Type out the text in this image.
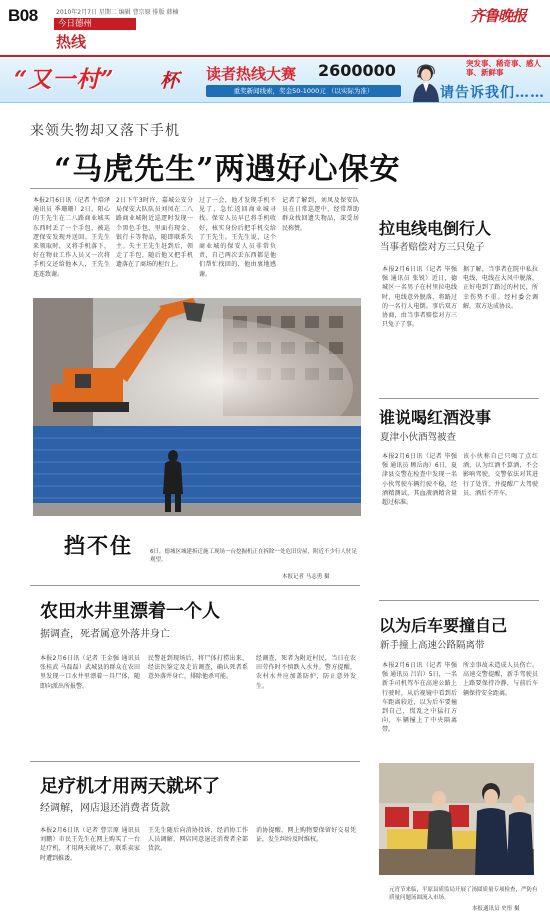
B08	2010年2月7日 星期二 编辑 曹宗原 排版 韩楠
今日德州
热线
齐鲁晚报
“又一村” 杯 读者热线大赛 2600000
重奖新闻线索，奖金50-1000元 （以实际为准）
突发事、稀奇事、感人事、新鲜事
请告诉我们……
来领失物却又落下手机
“马虎先生”两遇好心保安
本报2月6日讯（记者 牛培泽 通讯员 季珊珊）2日，阳心的王先生在二八路商业城买东西时丢了一个手包，被巡逻保安发现并送回。王先生来领取时，又将手机落下，好在物业工作人员又一次将手机交还给他本人，王先生连连致谢。
2日下午3时许，嘉城公安分局保安大队队员刘凤在二八路商业城附近巡逻时发现一个黑色手包，里面有现金、银行卡等物品，随即联系失主。失主王先生赶到后，领走了手包，随后他又把手机遗落在了商场的柜台上。
过了一会，他才发现手机不见了，急忙返回商业城寻找。保安人员早已将手机收好，核实身份后把手机交给了王先生。王先生说，这个商业城的保安人员非常负责，自己两次丢东西都是他们帮忙找回的，他由衷地感谢。
记者了解到，刘凤及保安队员在日常巡逻中，经常帮助群众找回遗失物品，深受居民称赞。
挡不住	6日，德城区城建拆迁施工现场一台挖掘机正在拆除一处危旧房屋，附近不少行人驻足观望。
本报记者 马志勇 摄
拉电线电倒行人
当事者赔偿对方三只兔子
本报2月6日讯（记者 毕强强 通讯员 张锐）近日，德城区一名男子在村里拉电线时，电线意外脱落，将路过的一名行人电倒。事后双方协商，由当事者赔偿对方三只兔子了事。
据了解，当事者在院中私拉电线，电线在大风中脱落，正好电到了路过的村民，所幸伤势不重。经村委会调解，双方达成协议。
谁说喝红酒没事
夏津小伙酒驾被查
本报2月6日讯（记者 毕强强 通讯员 顾岳海）6日，夏津县交警在检查中发现一名小伙驾驶车辆行驶不稳，经酒精测试，其血液酒精含量超过标准。
该小伙称自己只喝了点红酒，认为红酒不算酒，不会影响驾驶。交警依法对其进行了处罚，并提醒广大驾驶员，酒后不开车。
以为后车要撞自己
新手撞上高速公路隔离带
本报2月6日讯（记者 毕强强 通讯员 吕岩）5日，一名新手司机驾车在高速公路上行驶时，从后视镜中看到后车距离较近，以为后车要撞到自己，慌乱之中猛打方向，车辆撞上了中央隔离带。
所幸事故未造成人员伤亡。高速交警提醒，新手驾驶员上路要保持冷静，与前后车辆保持安全距离。
元宵节来临，平原县质监局开展了汤圆质量专项检查，严防有质量问题汤圆流入市场。
本报通讯员 史彤 摄
农田水井里漂着一个人
据调查，死者属意外落井身亡
本报2月6日讯（记者 王金强 通讯员 张桂武 马磊磊）武城县的群众在农田里发现一口水井里漂着一具尸体，随即向派出所报警。
民警赶到现场后，将尸体打捞出来，经法医鉴定及走访调查，确认死者系意外落井身亡，排除他杀可能。
经调查，死者为附近村民，当日在农田劳作时不慎跌入水井。警方提醒，农村水井应加盖防护，防止意外发生。
足疗机才用两天就坏了
经调解，网店退还消费者货款
本报2月6日讯（记者 曹宗原 通讯员 刘鹏）市民王先生在网上购买了一台足疗机，才用两天就坏了，联系卖家时遭到推诿。
王先生随后向消协投诉，经消协工作人员调解，网店同意退还消费者全部货款。
消协提醒，网上购物要保留好交易凭证，发生纠纷及时维权。
